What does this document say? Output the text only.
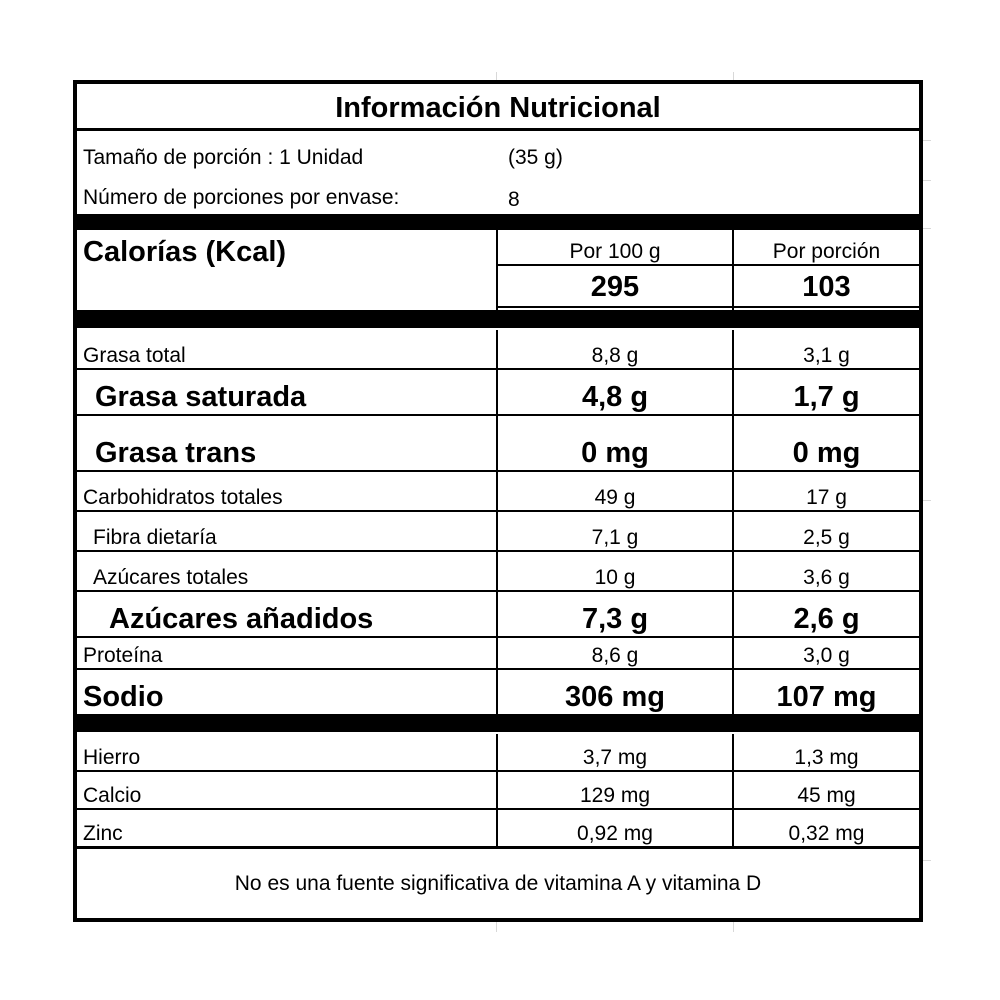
Información Nutricional
Tamaño de porción : 1 Unidad	(35 g)
Número de porciones por envase:	8
Calorías (Kcal)	Por 100 g	Por porción
295	103
Grasa total	8,8 g	3,1 g
Grasa saturada	4,8 g	1,7 g
Grasa trans	0 mg	0 mg
Carbohidratos totales	49 g	17 g
Fibra dietaría	7,1 g	2,5 g
Azúcares totales	10 g	3,6 g
Azúcares añadidos	7,3 g	2,6 g
Proteína	8,6 g	3,0 g
Sodio	306 mg	107 mg
Hierro	3,7 mg	1,3 mg
Calcio	129 mg	45 mg
Zinc	0,92 mg	0,32 mg
No es una fuente significativa de vitamina A y vitamina D
